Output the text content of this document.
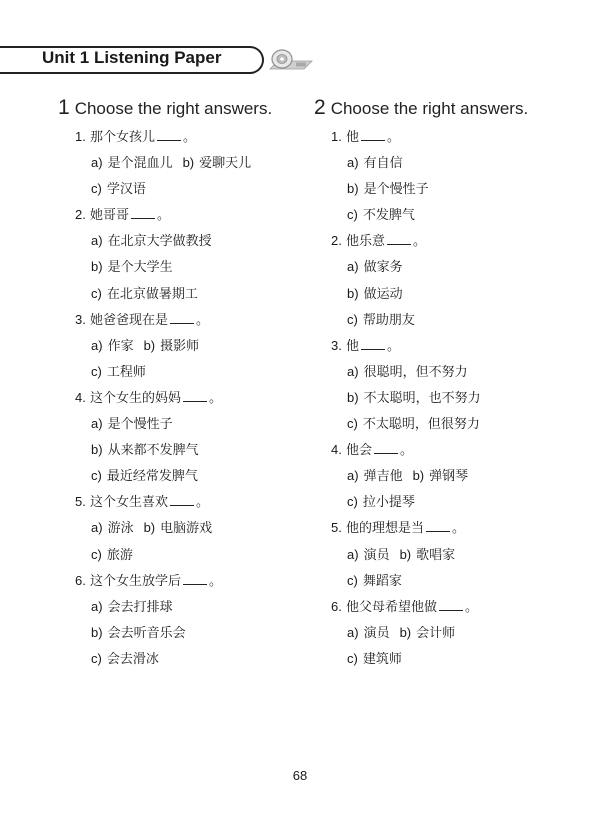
Unit 1 Listening Paper
1 Choose the right answers.
1. 那个女孩儿 。
a) 是个混血儿 b) 爱聊天儿
c) 学汉语
2. 她哥哥 。
a) 在北京大学做教授
b) 是个大学生
c) 在北京做暑期工
3. 她爸爸现在是 。
a) 作家 b) 摄影师
c) 工程师
4. 这个女生的妈妈 。
a) 是个慢性子
b) 从来都不发脾气
c) 最近经常发脾气
5. 这个女生喜欢 。
a) 游泳 b) 电脑游戏
c) 旅游
6. 这个女生放学后 。
a) 会去打排球
b) 会去听音乐会
c) 会去滑冰
2 Choose the right answers.
1. 他 。
a) 有自信
b) 是个慢性子
c) 不发脾气
2. 他乐意 。
a) 做家务
b) 做运动
c) 帮助朋友
3. 他 。
a) 很聪明，但不努力
b) 不太聪明，也不努力
c) 不太聪明，但很努力
4. 他会 。
a) 弹吉他 b) 弹钢琴
c) 拉小提琴
5. 他的理想是当 。
a) 演员 b) 歌唱家
c) 舞蹈家
6. 他父母希望他做 。
a) 演员 b) 会计师
c) 建筑师
68
